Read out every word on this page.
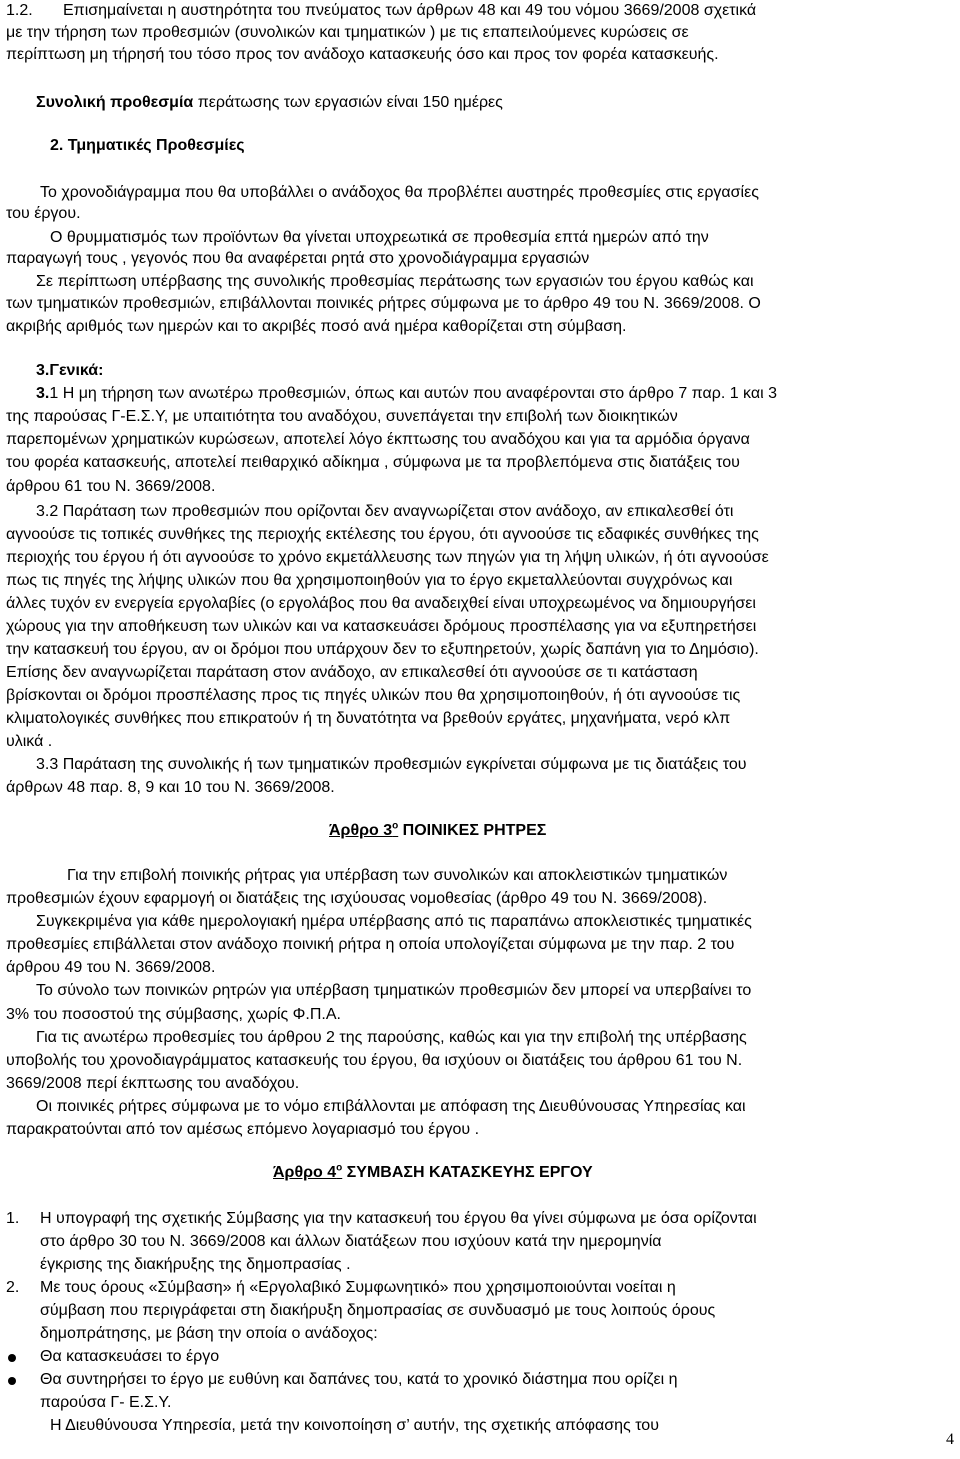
1.2. Επισημαίνεται η αυστηρότητα του πνεύματος των άρθρων 48 και 49 του νόμου 3669/2008 σχετικά
με την τήρηση των προθεσμιών (συνολικών και τμηματικών ) με τις επαπειλούμενες κυρώσεις σε
περίπτωση μη τήρησή του τόσο προς τον ανάδοχο κατασκευής όσο και προς τον φορέα κατασκευής.
Συνολική προθεσμία περάτωσης των εργασιών είναι 150 ημέρες
2. Τμηματικές Προθεσμίες
Το χρονοδιάγραμμα που θα υποβάλλει ο ανάδοχος θα προβλέπει αυστηρές προθεσμίες στις εργασίες
του έργου.
Ο θρυμματισμός των προϊόντων θα γίνεται υποχρεωτικά σε προθεσμία επτά ημερών από την
παραγωγή τους , γεγονός που θα αναφέρεται ρητά στο χρονοδιάγραμμα εργασιών
Σε περίπτωση υπέρβασης της συνολικής προθεσμίας περάτωσης των εργασιών του έργου καθώς και
των τμηματικών προθεσμιών, επιβάλλονται ποινικές ρήτρες σύμφωνα με το άρθρο 49 του Ν. 3669/2008. Ο
ακριβής αριθμός των ημερών και το ακριβές ποσό ανά ημέρα καθορίζεται στη σύμβαση.
3.Γενικά:
3.1 Η μη τήρηση των ανωτέρω προθεσμιών, όπως και αυτών που αναφέρονται στο άρθρο 7 παρ. 1 και 3
της παρούσας Γ-Ε.Σ.Υ, με υπαιτιότητα του αναδόχου, συνεπάγεται την επιβολή των διοικητικών
παρεπομένων χρηματικών κυρώσεων, αποτελεί λόγο έκπτωσης του αναδόχου και για τα αρμόδια όργανα
του φορέα κατασκευής, αποτελεί πειθαρχικό αδίκημα , σύμφωνα με τα προβλεπόμενα στις διατάξεις του
άρθρου 61 του Ν. 3669/2008.
3.2 Παράταση των προθεσμιών που ορίζονται δεν αναγνωρίζεται στον ανάδοχο, αν επικαλεσθεί ότι
αγνοούσε τις τοπικές συνθήκες της περιοχής εκτέλεσης του έργου, ότι αγνοούσε τις εδαφικές συνθήκες της
περιοχής του έργου ή ότι αγνοούσε το χρόνο εκμετάλλευσης των πηγών για τη λήψη υλικών, ή ότι αγνοούσε
πως τις πηγές της λήψης υλικών που θα χρησιμοποιηθούν για το έργο εκμεταλλεύονται συγχρόνως και
άλλες τυχόν εν ενεργεία εργολαβίες (ο εργολάβος που θα αναδειχθεί είναι υποχρεωμένος να δημιουργήσει
χώρους για την αποθήκευση των υλικών και να κατασκευάσει δρόμους προσπέλασης για να εξυπηρετήσει
την κατασκευή του έργου, αν οι δρόμοι που υπάρχουν δεν το εξυπηρετούν, χωρίς δαπάνη για το Δημόσιο).
Επίσης δεν αναγνωρίζεται παράταση στον ανάδοχο, αν επικαλεσθεί ότι αγνοούσε σε τι κατάσταση
βρίσκονται οι δρόμοι προσπέλασης προς τις πηγές υλικών που θα χρησιμοποιηθούν, ή ότι αγνοούσε τις
κλιματολογικές συνθήκες που επικρατούν ή τη δυνατότητα να βρεθούν εργάτες, μηχανήματα, νερό κλπ
υλικά .
3.3 Παράταση της συνολικής ή των τμηματικών προθεσμιών εγκρίνεται σύμφωνα με τις διατάξεις του
άρθρων 48 παρ. 8, 9 και 10 του Ν. 3669/2008.
Άρθρο $3^o$ ΠΟΙΝΙΚΕΣ ΡΗΤΡΕΣ
Για την επιβολή ποινικής ρήτρας για υπέρβαση των συνολικών και αποκλειστικών τμηματικών
προθεσμιών έχουν εφαρμογή οι διατάξεις της ισχύουσας νομοθεσίας (άρθρο 49 του Ν. 3669/2008).
Συγκεκριμένα για κάθε ημερολογιακή ημέρα υπέρβασης από τις παραπάνω αποκλειστικές τμηματικές
προθεσμίες επιβάλλεται στον ανάδοχο ποινική ρήτρα η οποία υπολογίζεται σύμφωνα με την παρ. 2 του
άρθρου 49 του Ν. 3669/2008.
Το σύνολο των ποινικών ρητρών για υπέρβαση τμηματικών προθεσμιών δεν μπορεί να υπερβαίνει το
3% του ποσοστού της σύμβασης, χωρίς Φ.Π.Α.
Για τις ανωτέρω προθεσμίες του άρθρου 2 της παρούσης, καθώς και για την επιβολή της υπέρβασης
υποβολής του χρονοδιαγράμματος κατασκευής του έργου, θα ισχύουν οι διατάξεις του άρθρου 61 του Ν.
3669/2008 περί έκπτωσης του αναδόχου.
Οι ποινικές ρήτρες σύμφωνα με το νόμο επιβάλλονται με απόφαση της Διευθύνουσας Υπηρεσίας και
παρακρατούνται από τον αμέσως επόμενο λογαριασμό του έργου .
Άρθρο $4^o$ ΣΥΜΒΑΣΗ ΚΑΤΑΣΚΕΥΗΣ ΕΡΓΟΥ
1. Η υπογραφή της σχετικής Σύμβασης για την κατασκευή του έργου θα γίνει σύμφωνα με όσα ορίζονται
στο άρθρο 30 του Ν. 3669/2008 και άλλων διατάξεων που ισχύουν κατά την ημερομηνία
έγκρισης της διακήρυξης της δημοπρασίας .
2. Με τους όρους «Σύμβαση» ή «Εργολαβικό Συμφωνητικό» που χρησιμοποιούνται νοείται η
σύμβαση που περιγράφεται στη διακήρυξη δημοπρασίας σε συνδυασμό με τους λοιπούς όρους
δημοπράτησης, με βάση την οποία ο ανάδοχος:
Θα κατασκευάσει το έργο
Θα συντηρήσει το έργο με ευθύνη και δαπάνες του, κατά το χρονικό διάστημα που ορίζει η
παρούσα Γ- Ε.Σ.Υ.
Η Διευθύνουσα Υπηρεσία, μετά την κοινοποίηση σ’ αυτήν, της σχετικής απόφασης του
4
